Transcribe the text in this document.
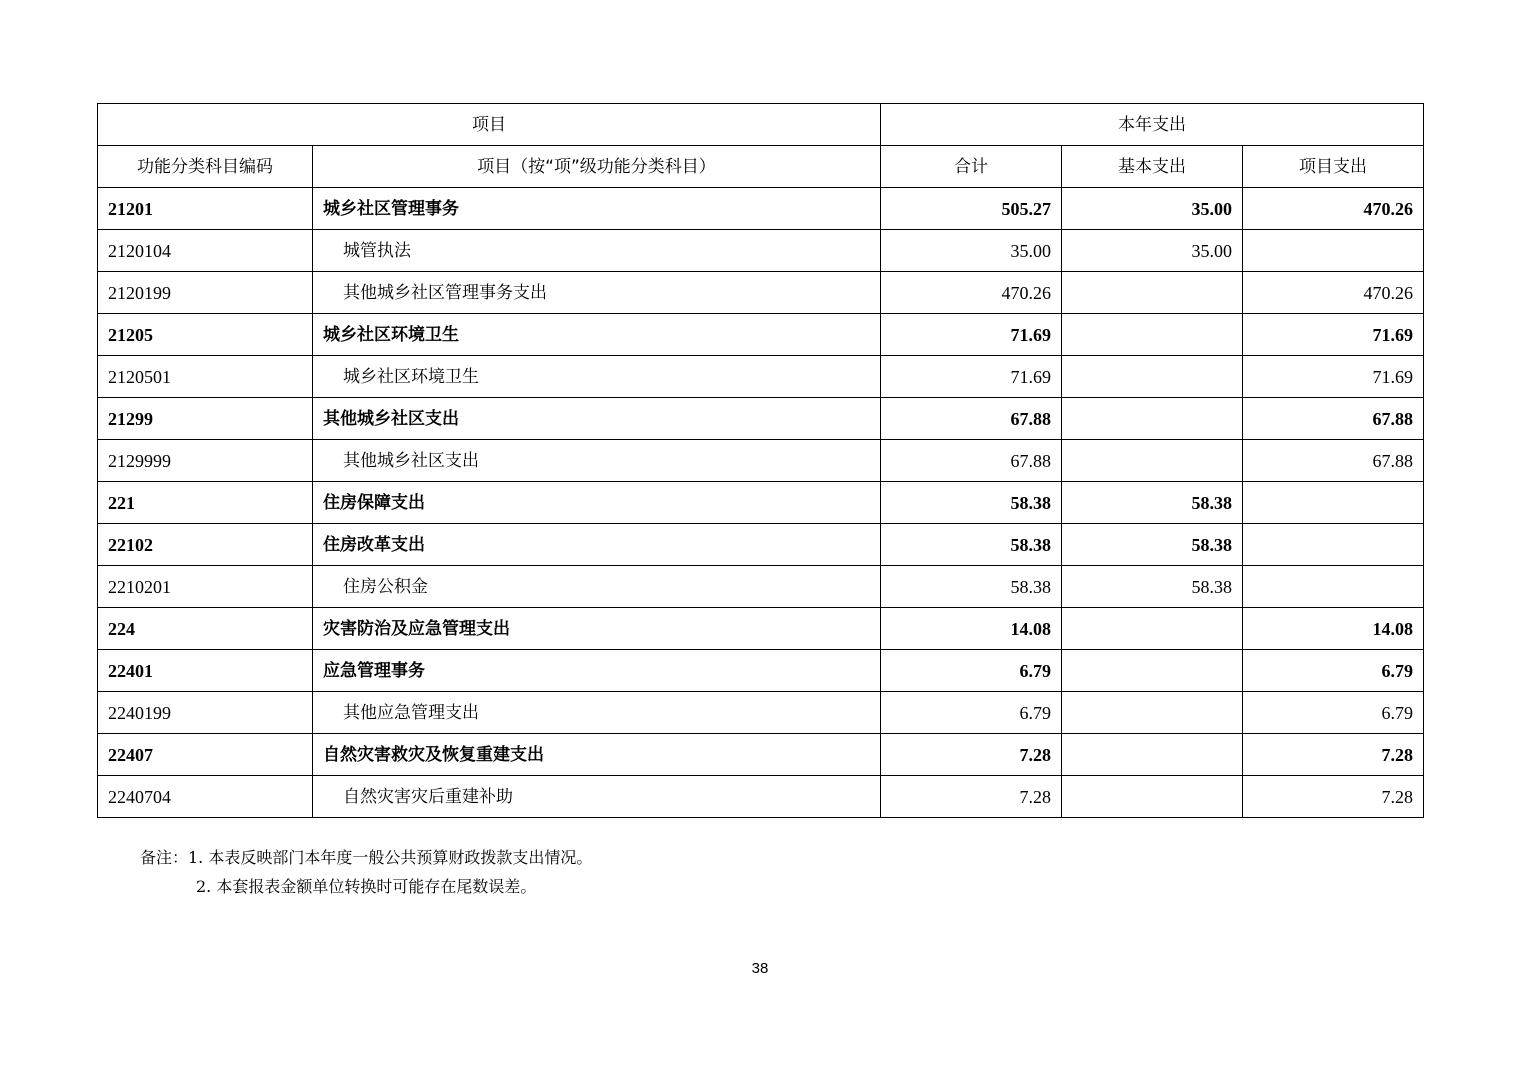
项目		本年支出		
功能分类科目编码	项目（按“项”级功能分类科目）	合计	基本支出	项目支出
21201	城乡社区管理事务	505.27	35.00	470.26
2120104	城管执法	35.00	35.00	
2120199	其他城乡社区管理事务支出	470.26		470.26
21205	城乡社区环境卫生	71.69		71.69
2120501	城乡社区环境卫生	71.69		71.69
21299	其他城乡社区支出	67.88		67.88
2129999	其他城乡社区支出	67.88		67.88
221	住房保障支出	58.38	58.38	
22102	住房改革支出	58.38	58.38	
2210201	住房公积金	58.38	58.38	
224	灾害防治及应急管理支出	14.08		14.08
22401	应急管理事务	6.79		6.79
2240199	其他应急管理支出	6.79		6.79
22407	自然灾害救灾及恢复重建支出	7.28		7.28
2240704	自然灾害灾后重建补助	7.28		7.28
备注：1. 本表反映部门本年度一般公共预算财政拨款支出情况。
2. 本套报表金额单位转换时可能存在尾数误差。
38
